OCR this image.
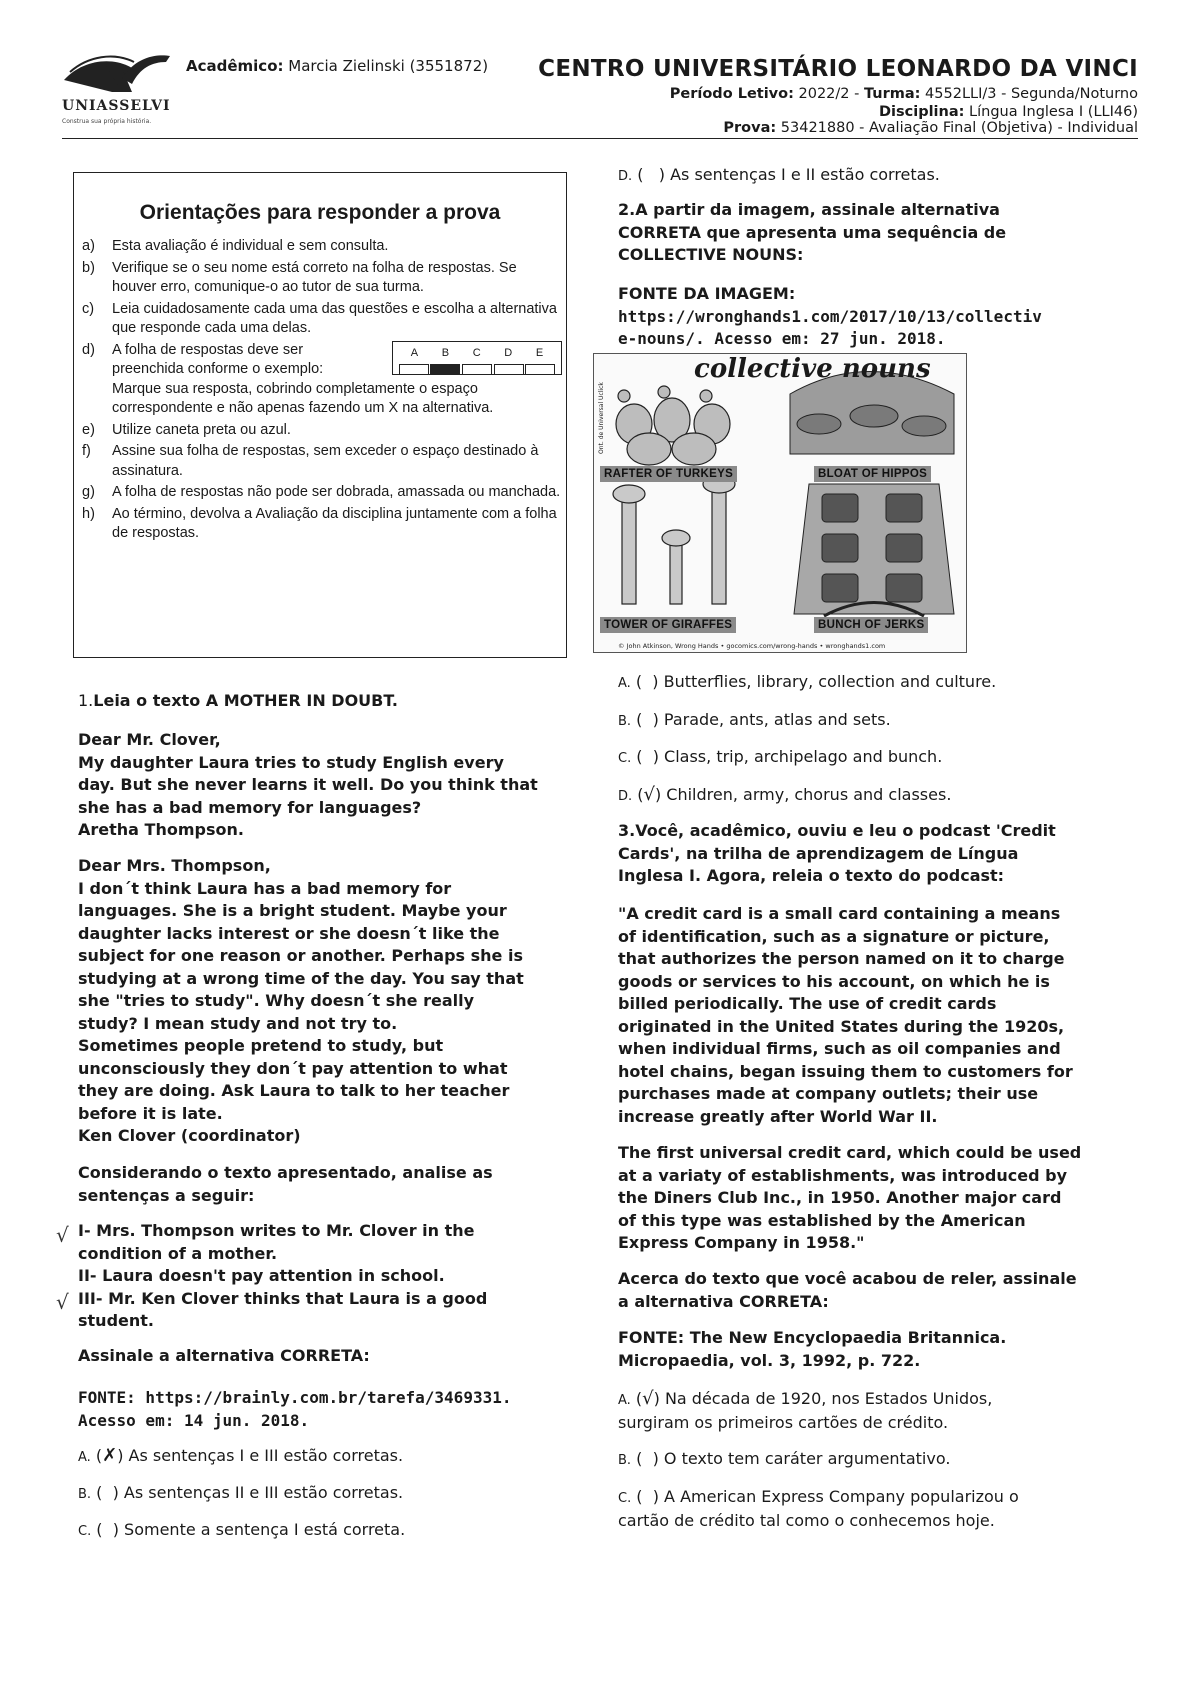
UNIASSELVI
Construa sua própria história.
Acadêmico: Marcia Zielinski (3551872) CENTRO UNIVERSITÁRIO LEONARDO DA VINCI
Período Letivo: 2022/2 - Turma: 4552LLI/3 - Segunda/Noturno
Disciplina: Língua Inglesa I (LLI46)
Prova: 53421880 - Avaliação Final (Objetiva) - Individual
Orientações para responder a prova
a) Esta avaliação é individual e sem consulta.
b) Verifique se o seu nome está correto na folha de respostas. Se houver erro, comunique-o ao tutor de sua turma.
c) Leia cuidadosamente cada uma das questões e escolha a alternativa que responde cada uma delas.
d) A folha de respostas deve ser
preenchida conforme o exemplo:
Marque sua resposta, cobrindo completamente o espaço correspondente e não apenas fazendo um X na alternativa.
A B C D E
e) Utilize caneta preta ou azul.
f) Assine sua folha de respostas, sem exceder o espaço destinado à assinatura.
g) A folha de respostas não pode ser dobrada, amassada ou manchada.
h) Ao término, devolva a Avaliação da disciplina juntamente com a folha de respostas.
1.Leia o texto A MOTHER IN DOUBT.
Dear Mr. Clover,
My daughter Laura tries to study English every
day. But she never learns it well. Do you think that
she has a bad memory for languages?
Aretha Thompson.
Dear Mrs. Thompson,
I don´t think Laura has a bad memory for
languages. She is a bright student. Maybe your
daughter lacks interest or she doesn´t like the
subject for one reason or another. Perhaps she is
studying at a wrong time of the day. You say that
she "tries to study". Why doesn´t she really
study? I mean study and not try to.
Sometimes people pretend to study, but
unconsciously they don´t pay attention to what
they are doing. Ask Laura to talk to her teacher
before it is late.
Ken Clover (coordinator)
Considerando o texto apresentado, analise as
sentenças a seguir:
I- Mrs. Thompson writes to Mr. Clover in the
condition of a mother.
II- Laura doesn't pay attention in school.
III- Mr. Ken Clover thinks that Laura is a good
student.
√
√
Assinale a alternativa CORRETA:
FONTE: https://brainly.com.br/tarefa/3469331.
Acesso em: 14 jun. 2018.
A. (✗) As sentenças I e III estão corretas.
B. (  ) As sentenças II e III estão corretas.
C. (  ) Somente a sentença I está correta.
D. (   ) As sentenças I e II estão corretas.
2.A partir da imagem, assinale alternativa
CORRETA que apresenta uma sequência de
COLLECTIVE NOUNS:
FONTE DA IMAGEM:
https://wronghands1.com/2017/10/13/collectiv
e-nouns/. Acesso em: 27 jun. 2018.
collective nouns
RAFTER OF TURKEYS	BLOAT OF HIPPOS
TOWER OF GIRAFFES	BUNCH OF JERKS
© John Atkinson, Wrong Hands • gocomics.com/wrong-hands • wronghands1.com
Ont. de Universal Uclick
A. (  ) Butterflies, library, collection and culture.
B. (  ) Parade, ants, atlas and sets.
C. (  ) Class, trip, archipelago and bunch.
D. (√) Children, army, chorus and classes.
3.Você, acadêmico, ouviu e leu o podcast 'Credit
Cards', na trilha de aprendizagem de Língua
Inglesa I. Agora, releia o texto do podcast:
"A credit card is a small card containing a means
of identification, such as a signature or picture,
that authorizes the person named on it to charge
goods or services to his account, on which he is
billed periodically. The use of credit cards
originated in the United States during the 1920s,
when individual firms, such as oil companies and
hotel chains, began issuing them to customers for
purchases made at company outlets; their use
increase greatly after World War II.
The first universal credit card, which could be used
at a variaty of establishments, was introduced by
the Diners Club Inc., in 1950. Another major card
of this type was established by the American
Express Company in 1958."
Acerca do texto que você acabou de reler, assinale
a alternativa CORRETA:
FONTE: The New Encyclopaedia Britannica.
Micropaedia, vol. 3, 1992, p. 722.
A. (√) Na década de 1920, nos Estados Unidos,
surgiram os primeiros cartões de crédito.
B. (  ) O texto tem caráter argumentativo.
C. (  ) A American Express Company popularizou o
cartão de crédito tal como o conhecemos hoje.
